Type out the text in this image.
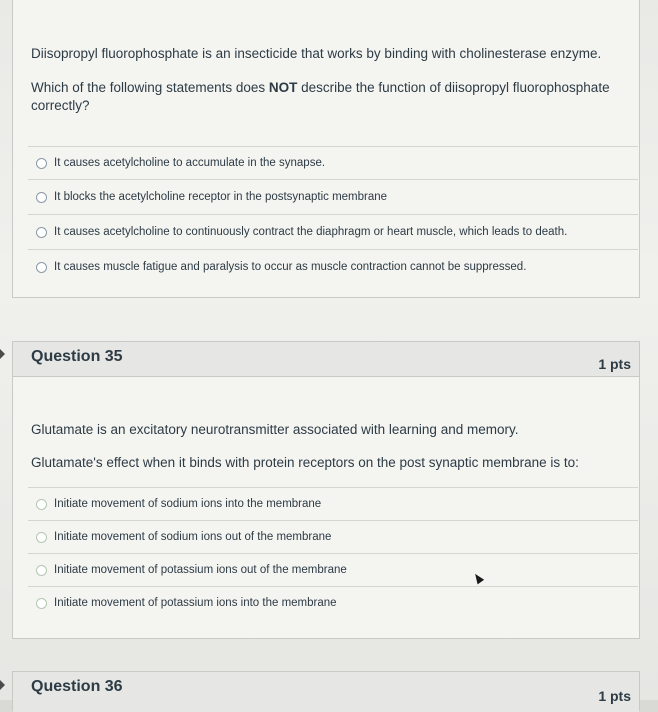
Diisopropyl fluorophosphate is an insecticide that works by binding with cholinesterase enzyme.
Which of the following statements does NOT describe the function of diisopropyl fluorophosphate
correctly?
It causes acetylcholine to accumulate in the synapse.
It blocks the acetylcholine receptor in the postsynaptic membrane
It causes acetylcholine to continuously contract the diaphragm or heart muscle, which leads to death.
It causes muscle fatigue and paralysis to occur as muscle contraction cannot be suppressed.
Question 35	1 pts
Glutamate is an excitatory neurotransmitter associated with learning and memory.
Glutamate's effect when it binds with protein receptors on the post synaptic membrane is to:
Initiate movement of sodium ions into the membrane
Initiate movement of sodium ions out of the membrane
Initiate movement of potassium ions out of the membrane
Initiate movement of potassium ions into the membrane
Question 36
1 pts
